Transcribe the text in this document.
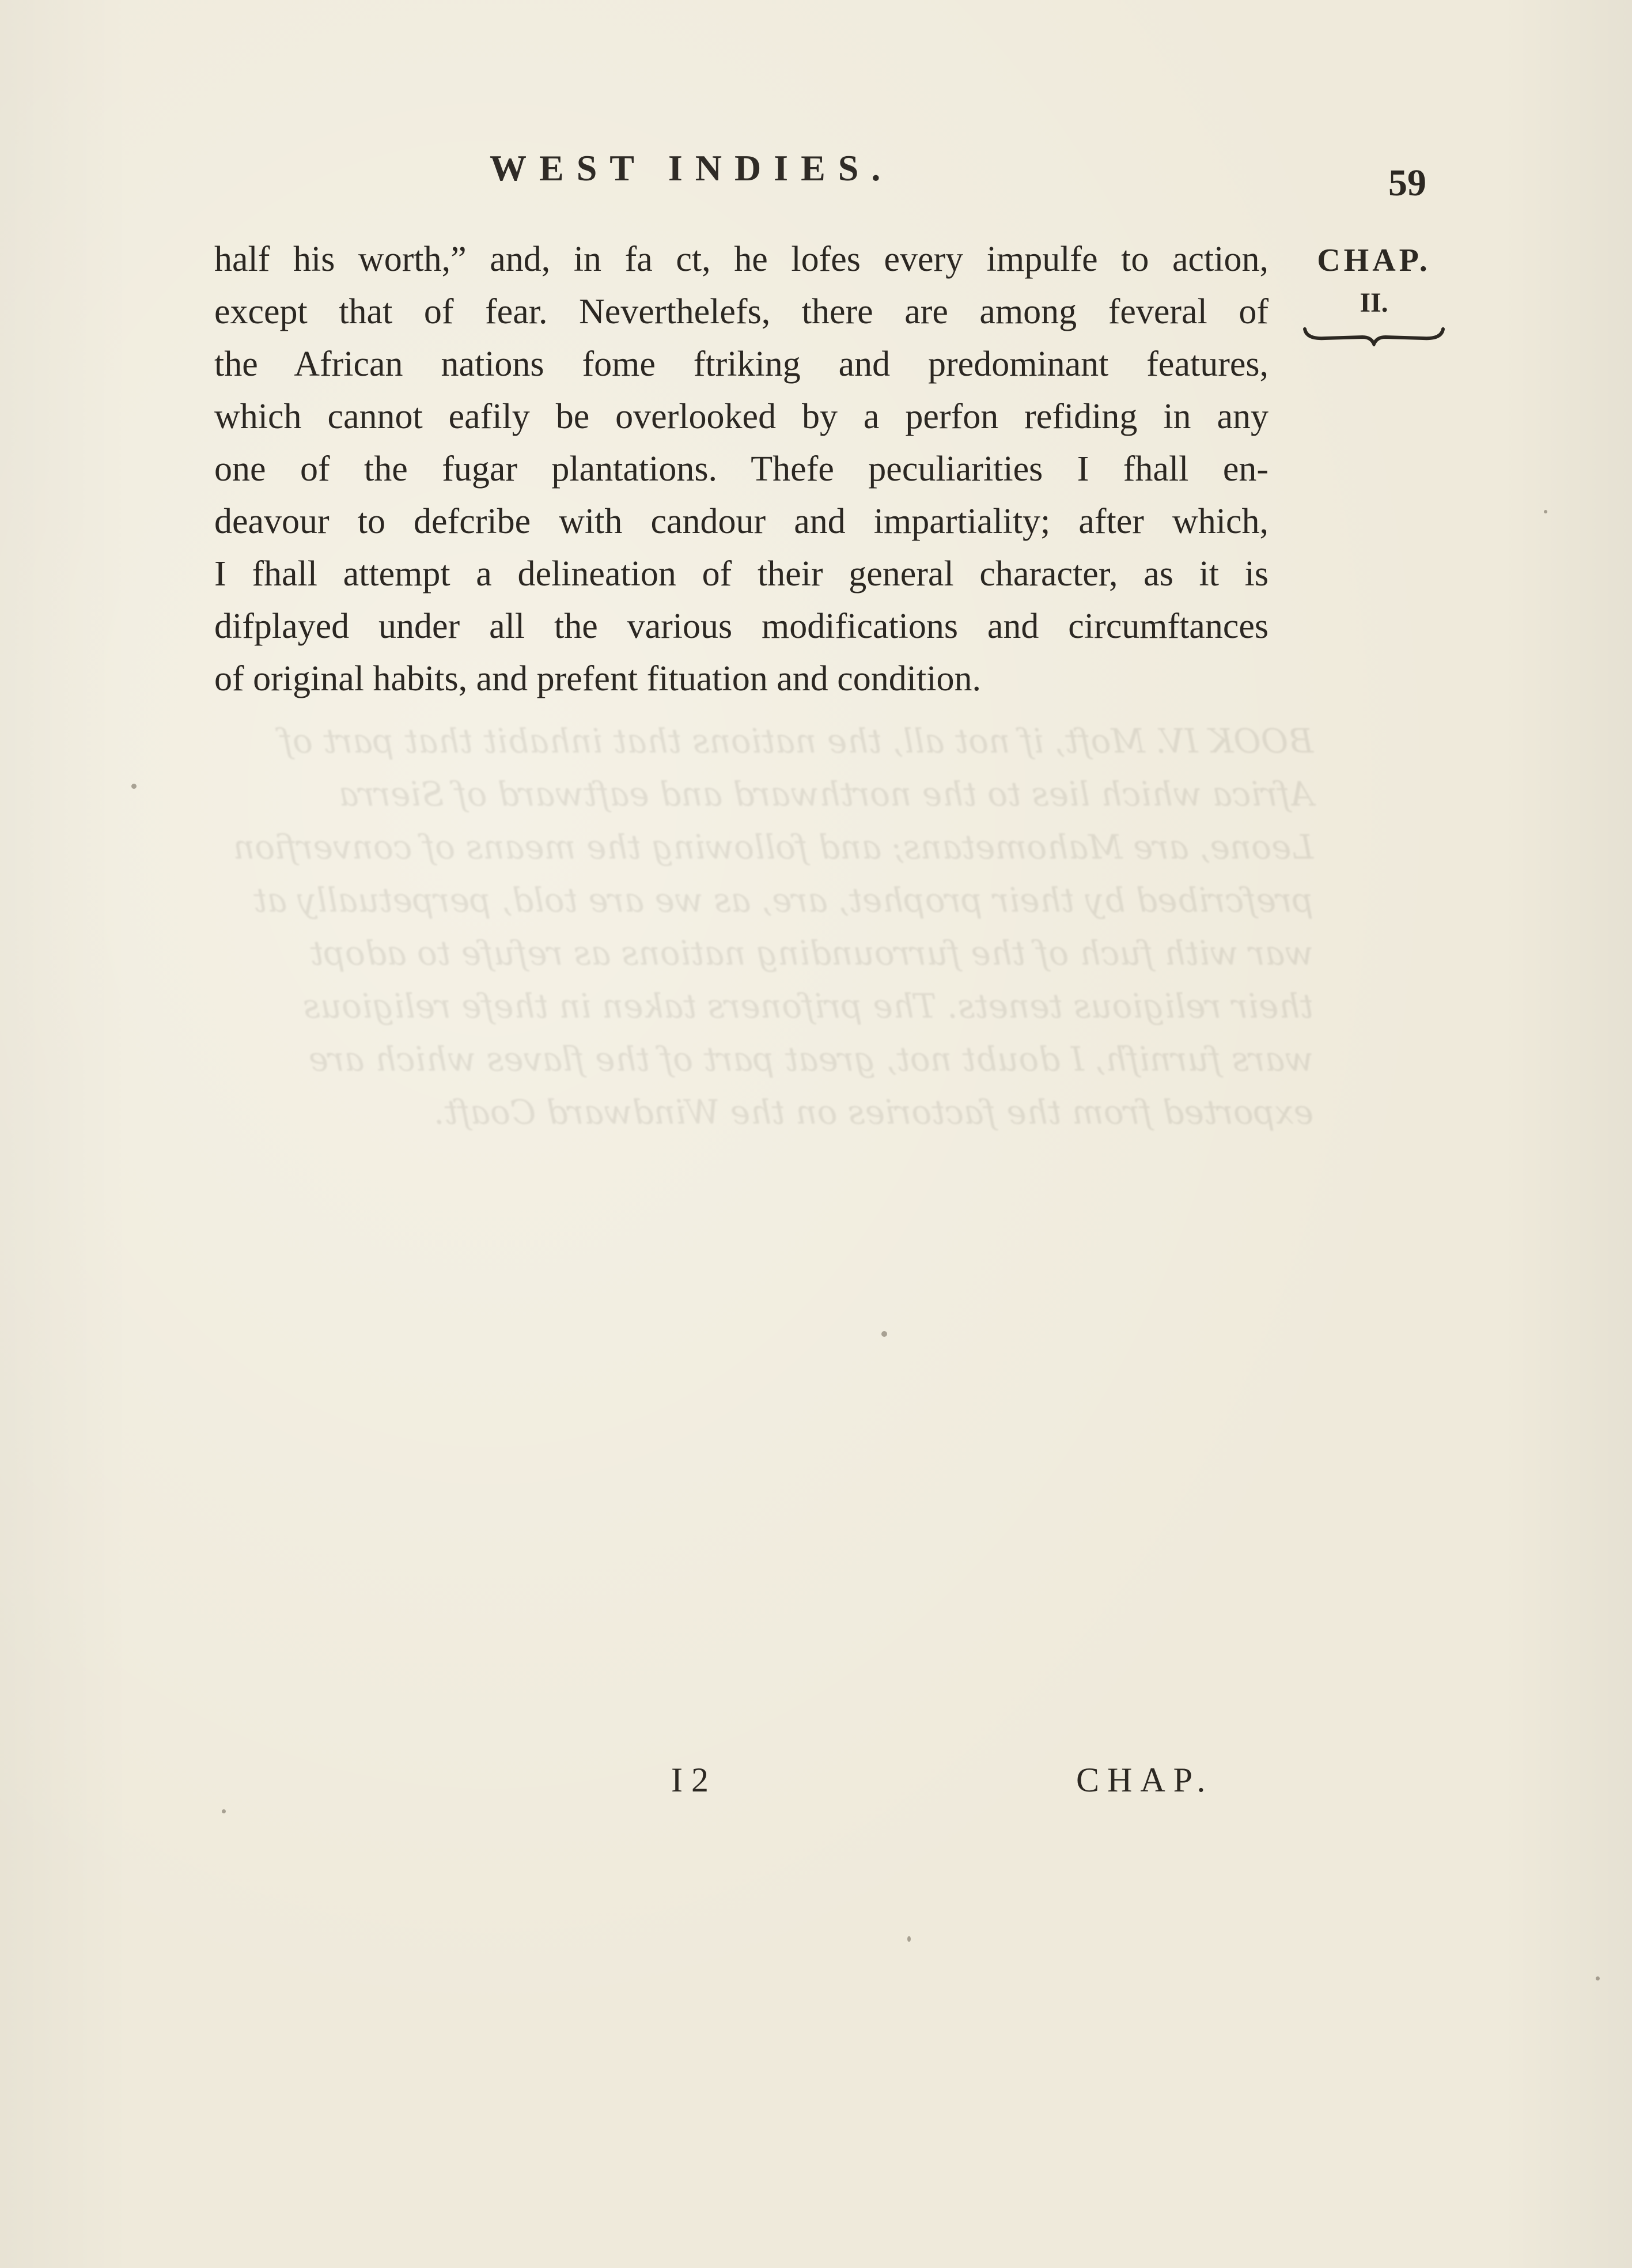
BOOK IV. Moft, if not all, the nations that inhabit that part of Africa which lies to the northward and eaftward of Sierra Leone, are Mahometans; and following the means of converfion prefcribed by their prophet, are, as we are told, perpetually at war with fuch of the furrounding nations as refufe to adopt their religious tenets. The prifoners taken in thefe religious wars furnifh, I doubt not, great part of the flaves which are exported from the factories on the Windward Coaft.
WEST INDIES.	59
CHAP.
II.
half his worth,” and, in fa ct, he lofes every impulfe to action,
except that of fear. Neverthelefs, there are among feveral of
the African nations fome ftriking and predominant features,
which cannot eafily be overlooked by a perfon refiding in any
one of the fugar plantations. Thefe peculiarities I fhall en-
deavour to defcribe with candour and impartiality; after which,
I fhall attempt a delineation of their general character, as it is
difplayed under all the various modifications and circumftances
of original habits, and prefent fituation and condition.
I 2	CHAP.
